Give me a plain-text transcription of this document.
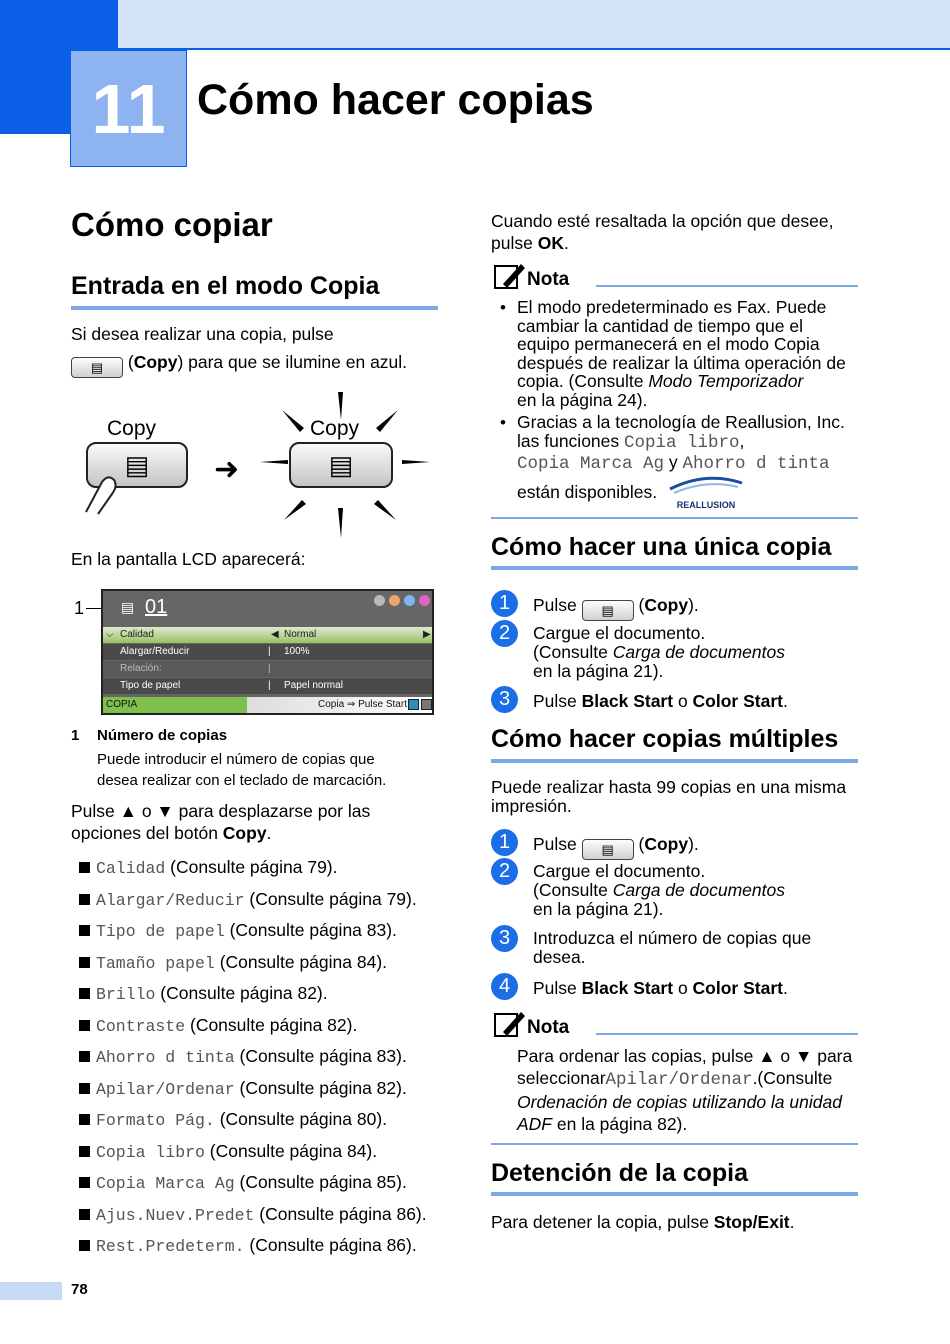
11 Cómo hacer copias
Cómo copiar
Entrada en el modo Copia
Si desea realizar una copia, pulse
▤ (Copy) para que se ilumine en azul.
Copy
▤	➜
Copy
▤
En la pantalla LCD aparecerá:
1	▤ 01
⌵ Calidad	◀ Normal	▶
Alargar/Reducir	| 100%
Relación:	|
Tipo de papel	| Papel normal
COPIA	Copia ⇒ Pulse Start
1 Número de copias
Puede introducir el número de copias que
desea realizar con el teclado de marcación.
Pulse ▲ o ▼ para desplazarse por las
opciones del botón Copy.
Calidad (Consulte página 79).
Alargar/Reducir (Consulte página 79).
Tipo de papel (Consulte página 83).
Tamaño papel (Consulte página 84).
Brillo (Consulte página 82).
Contraste (Consulte página 82).
Ahorro d tinta (Consulte página 83).
Apilar/Ordenar (Consulte página 82).
Formato Pág. (Consulte página 80).
Copia libro (Consulte página 84).
Copia Marca Ag (Consulte página 85).
Ajus.Nuev.Predet (Consulte página 86).
Rest.Predeterm. (Consulte página 86).
Cuando esté resaltada la opción que desee,
pulse OK.
Nota
• El modo predeterminado es Fax. Puede
cambiar la cantidad de tiempo que el
equipo permanecerá en el modo Copia
después de realizar la última operación de
copia. (Consulte Modo Temporizador
en la página 24).
• Gracias a la tecnología de Reallusion, Inc.
las funciones Copia libro,
Copia Marca Ag y Ahorro d tinta
están disponibles.
REALLUSION
Cómo hacer una única copia
1	Pulse ▤ (Copy).
2	Cargue el documento.
(Consulte Carga de documentos
en la página 21).
3	Pulse Black Start o Color Start.
Cómo hacer copias múltiples
Puede realizar hasta 99 copias en una misma
impresión.
1	Pulse ▤ (Copy).
2	Cargue el documento.
(Consulte Carga de documentos
en la página 21).
3	Introduzca el número de copias que
desea.
4	Pulse Black Start o Color Start.
Nota
Para ordenar las copias, pulse ▲ o ▼ para
seleccionarApilar/Ordenar.(Consulte
Ordenación de copias utilizando la unidad
ADF en la página 82).
Detención de la copia
Para detener la copia, pulse Stop/Exit.
78
